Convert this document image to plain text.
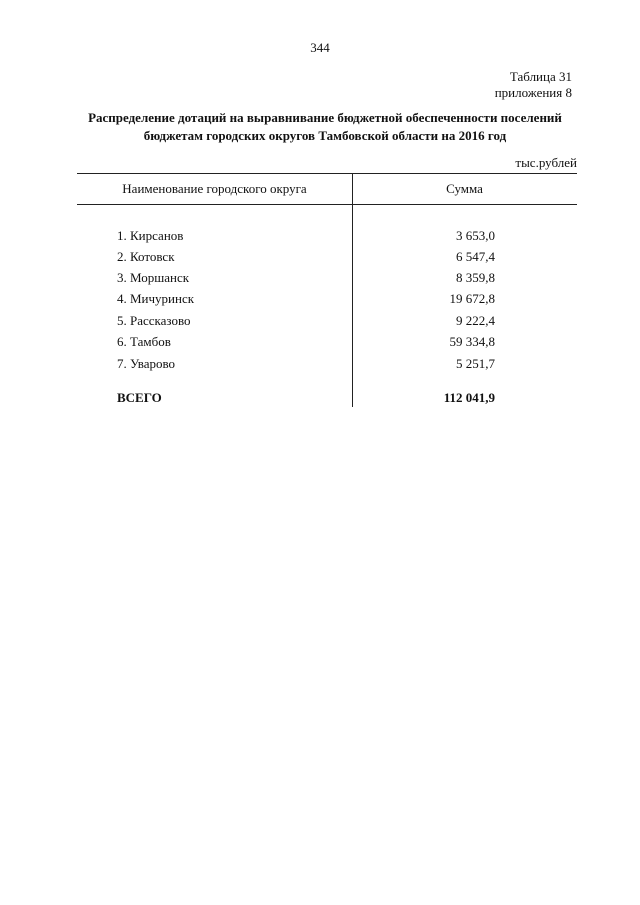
344
Таблица 31
приложения 8
Распределение дотаций на выравнивание бюджетной обеспеченности поселений
бюджетам городских округов Тамбовской области на 2016 год
тыс.рублей
Наименование городского округа	Сумма
1. Кирсанов	3 653,0
2. Котовск	6 547,4
3. Моршанск	8 359,8
4. Мичуринск	19 672,8
5. Рассказово	9 222,4
6. Тамбов	59 334,8
7. Уварово	5 251,7
ВСЕГО	112 041,9
